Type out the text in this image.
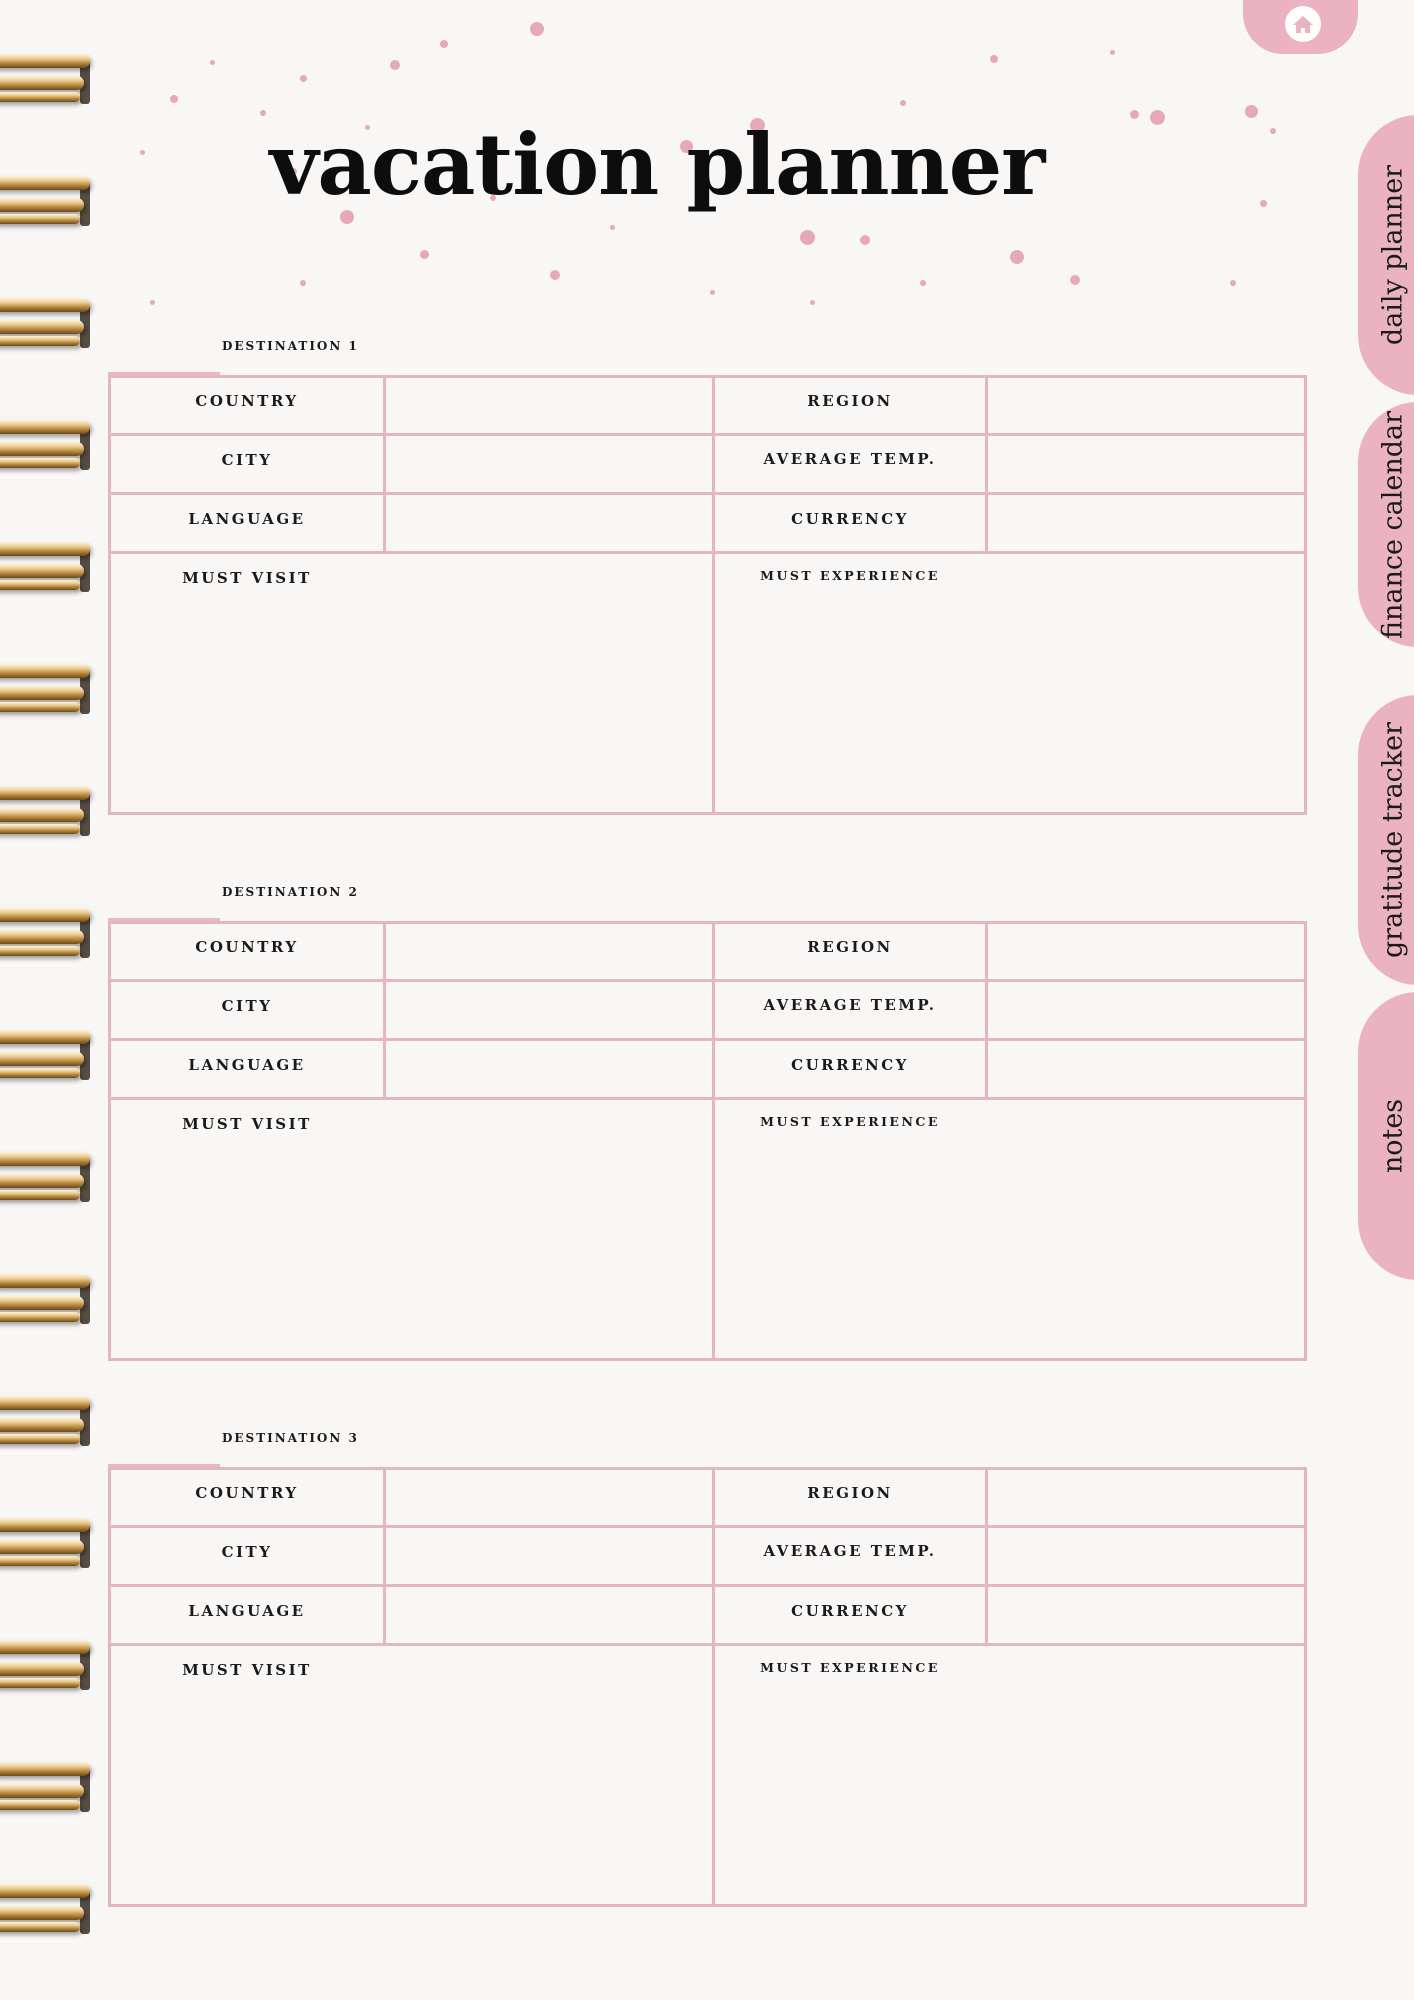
vacation planner
daily planner
finance calendar
gratitude tracker
notes
DESTINATION 1
COUNTRY	REGION
CITY	AVERAGE TEMP.
LANGUAGE	CURRENCY
MUST VISIT	MUST EXPERIENCE
DESTINATION 2
COUNTRY	REGION
CITY	AVERAGE TEMP.
LANGUAGE	CURRENCY
MUST VISIT	MUST EXPERIENCE
DESTINATION 3
COUNTRY	REGION
CITY	AVERAGE TEMP.
LANGUAGE	CURRENCY
MUST VISIT	MUST EXPERIENCE
